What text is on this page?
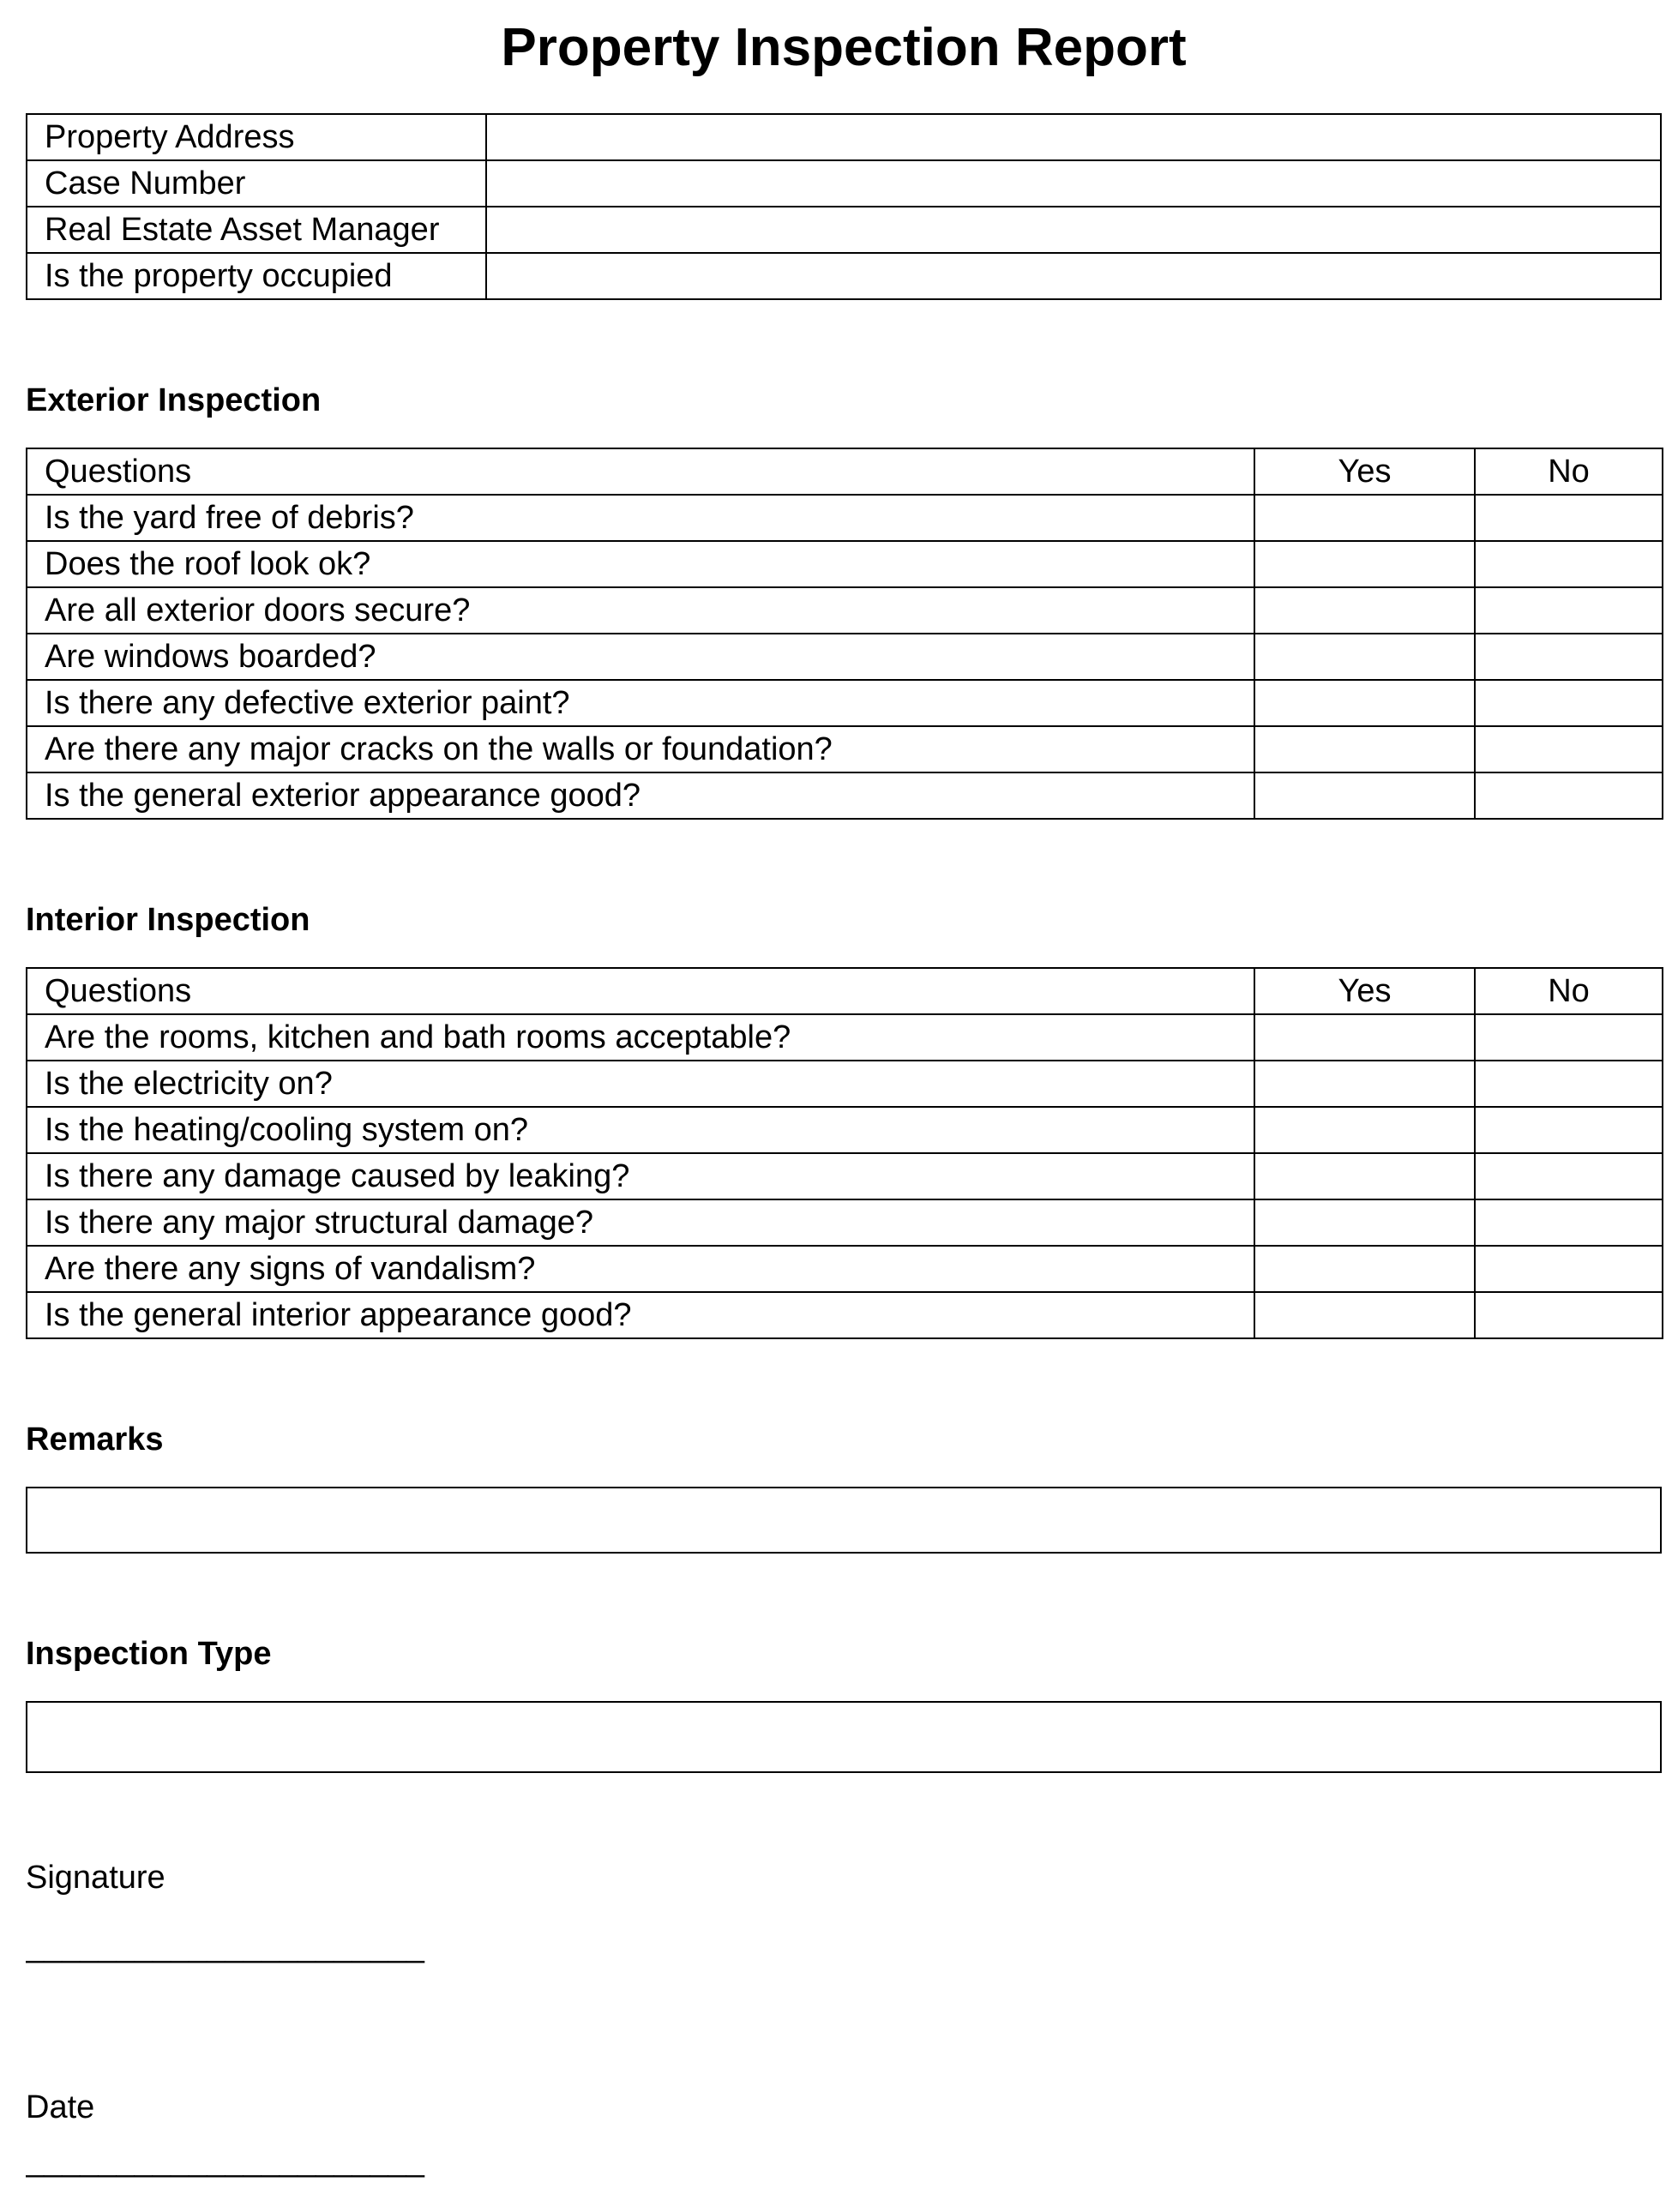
Property Inspection Report
Property Address	
Case Number	
Real Estate Asset Manager	
Is the property occupied	
Exterior Inspection
Questions	Yes	No
Is the yard free of debris?		
Does the roof look ok?		
Are all exterior doors secure?		
Are windows boarded?		
Is there any defective exterior paint?		
Are there any major cracks on the walls or foundation?		
Is the general exterior appearance good?		
Interior Inspection
Questions	Yes	No
Are the rooms, kitchen and bath rooms acceptable?		
Is the electricity on?		
Is the heating/cooling system on?		
Is there any damage caused by leaking?		
Is there any major structural damage?		
Are there any signs of vandalism?		
Is the general interior appearance good?		
Remarks
Inspection Type

Signature

______________________

Date

______________________
